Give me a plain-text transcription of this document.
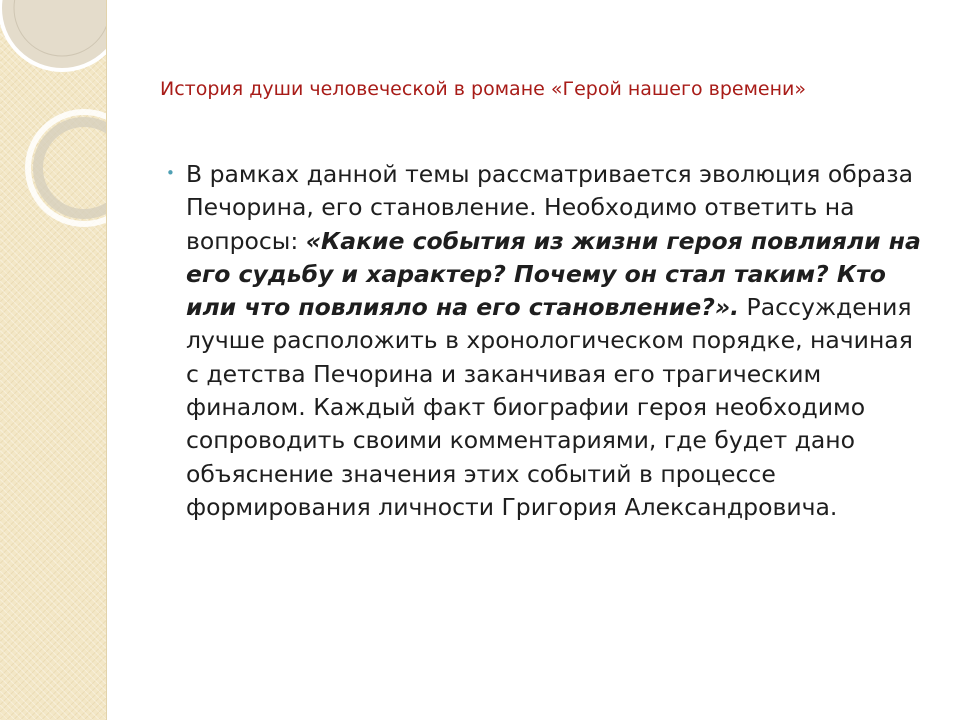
История души человеческой в романе «Герой нашего времени»
• В рамках данной темы рассматривается эволюция образа Печорина, его становление. Необходимо ответить на вопросы: «Какие события из жизни героя повлияли на его судьбу и характер? Почему он стал таким? Кто или что повлияло на его становление?». Рассуждения лучше расположить в хронологическом порядке, начиная с детства Печорина и заканчивая его трагическим финалом. Каждый факт биографии героя необходимо сопроводить своими комментариями, где будет дано объяснение значения этих событий в процессе формирования личности Григория Александровича.
